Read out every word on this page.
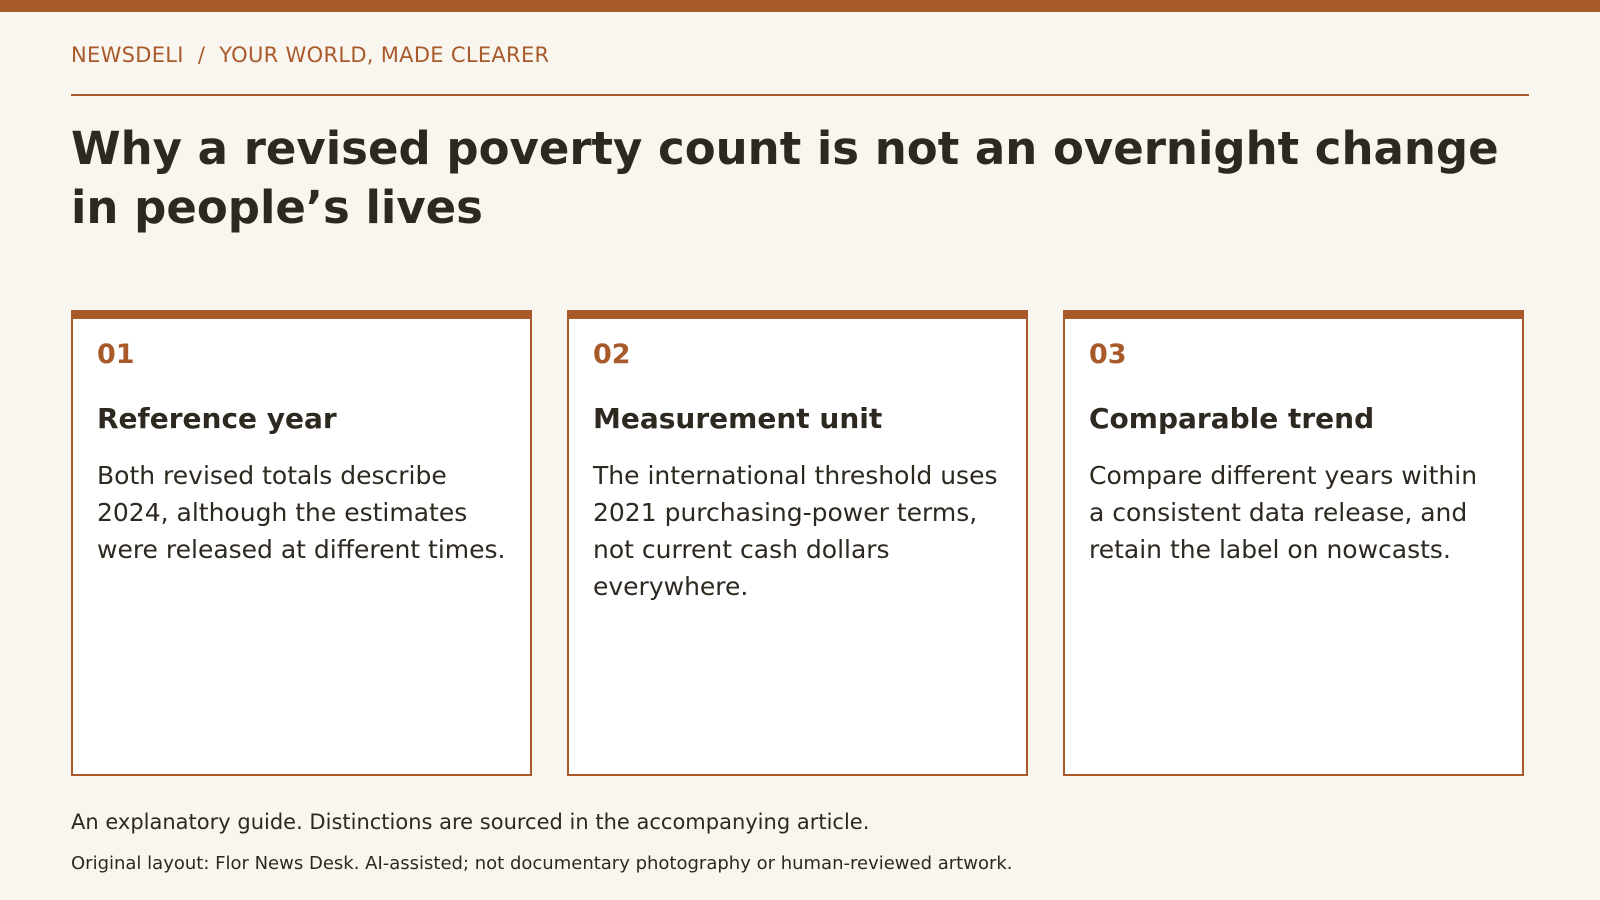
NEWSDELI / YOUR WORLD, MADE CLEARER
Why a revised poverty count is not an overnight change in people’s lives
01
Reference year
Both revised totals describe 2024, although the estimates were released at different times.
02
Measurement unit
The international threshold uses 2021 purchasing-power terms, not current cash dollars everywhere.
03
Comparable trend
Compare different years within a consistent data release, and retain the label on nowcasts.
An explanatory guide. Distinctions are sourced in the accompanying article.
Original layout: Flor News Desk. AI-assisted; not documentary photography or human-reviewed artwork.
